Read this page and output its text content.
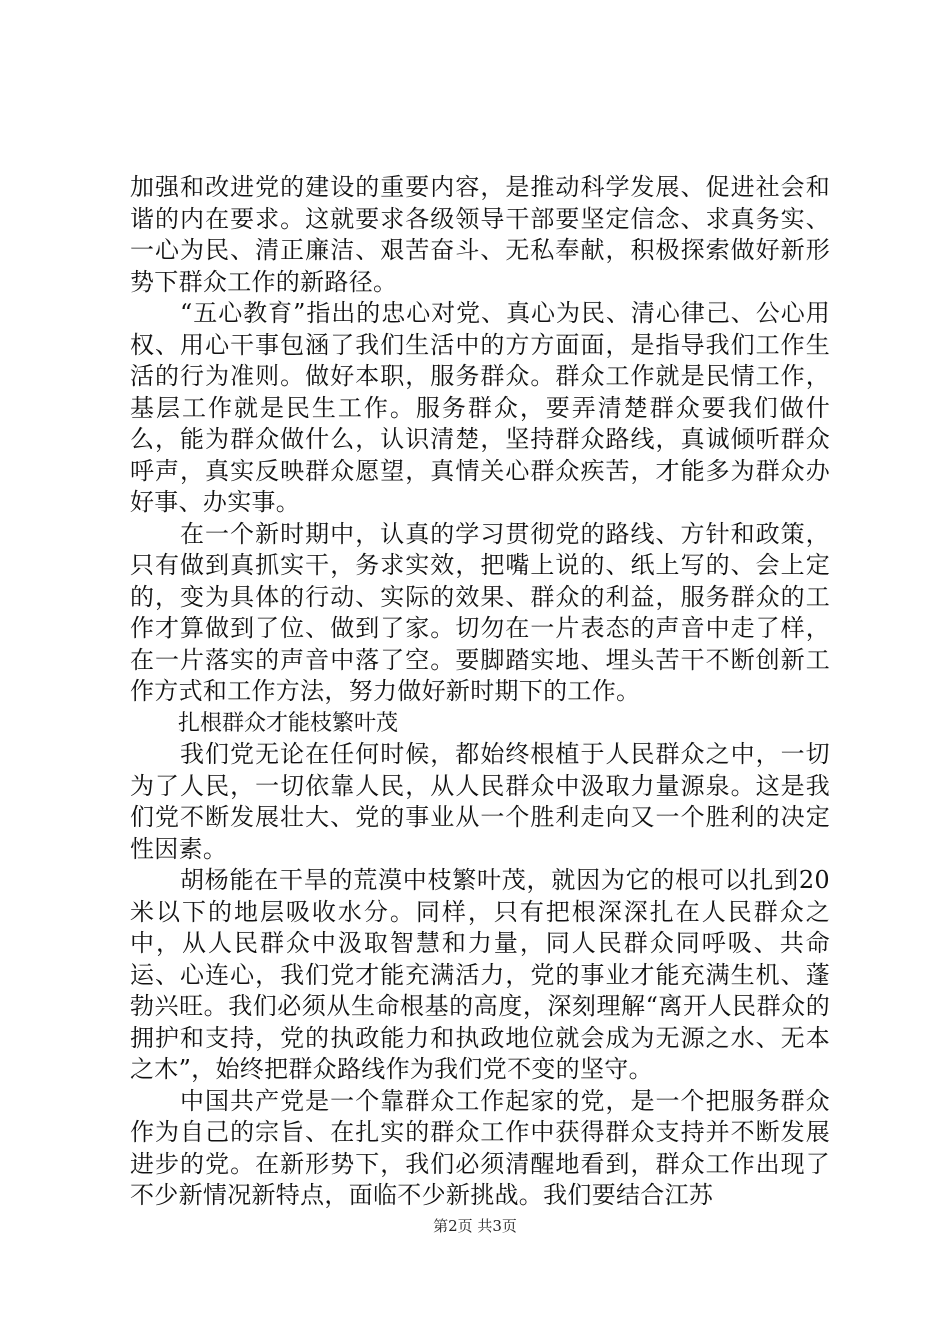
加强和改进党的建设的重要内容，是推动科学发展、促进社会和谐的内在要求。这就要求各级领导干部要坚定信念、求真务实、一心为民、清正廉洁、艰苦奋斗、无私奉献，积极探索做好新形势下群众工作的新路径。

“五心教育”指出的忠心对党、真心为民、清心律己、公心用权、用心干事包涵了我们生活中的方方面面，是指导我们工作生活的行为准则。做好本职，服务群众。群众工作就是民情工作，基层工作就是民生工作。服务群众，要弄清楚群众要我们做什么，能为群众做什么，认识清楚，坚持群众路线，真诚倾听群众呼声，真实反映群众愿望，真情关心群众疾苦，才能多为群众办好事、办实事。

在一个新时期中，认真的学习贯彻党的路线、方针和政策，只有做到真抓实干，务求实效，把嘴上说的、纸上写的、会上定的，变为具体的行动、实际的效果、群众的利益，服务群众的工作才算做到了位、做到了家。切勿在一片表态的声音中走了样，在一片落实的声音中落了空。要脚踏实地、埋头苦干不断创新工作方式和工作方法，努力做好新时期下的工作。

扎根群众才能枝繁叶茂

我们党无论在任何时候，都始终根植于人民群众之中，一切为了人民，一切依靠人民，从人民群众中汲取力量源泉。这是我们党不断发展壮大、党的事业从一个胜利走向又一个胜利的决定性因素。

胡杨能在干旱的荒漠中枝繁叶茂，就因为它的根可以扎到20米以下的地层吸收水分。同样，只有把根深深扎在人民群众之中，从人民群众中汲取智慧和力量，同人民群众同呼吸、共命运、心连心，我们党才能充满活力，党的事业才能充满生机、蓬勃兴旺。我们必须从生命根基的高度，深刻理解“离开人民群众的拥护和支持，党的执政能力和执政地位就会成为无源之水、无本之木”，始终把群众路线作为我们党不变的坚守。

中国共产党是一个靠群众工作起家的党，是一个把服务群众作为自己的宗旨、在扎实的群众工作中获得群众支持并不断发展进步的党。在新形势下，我们必须清醒地看到，群众工作出现了不少新情况新特点，面临不少新挑战。我们要结合江苏

第2页 共3页
